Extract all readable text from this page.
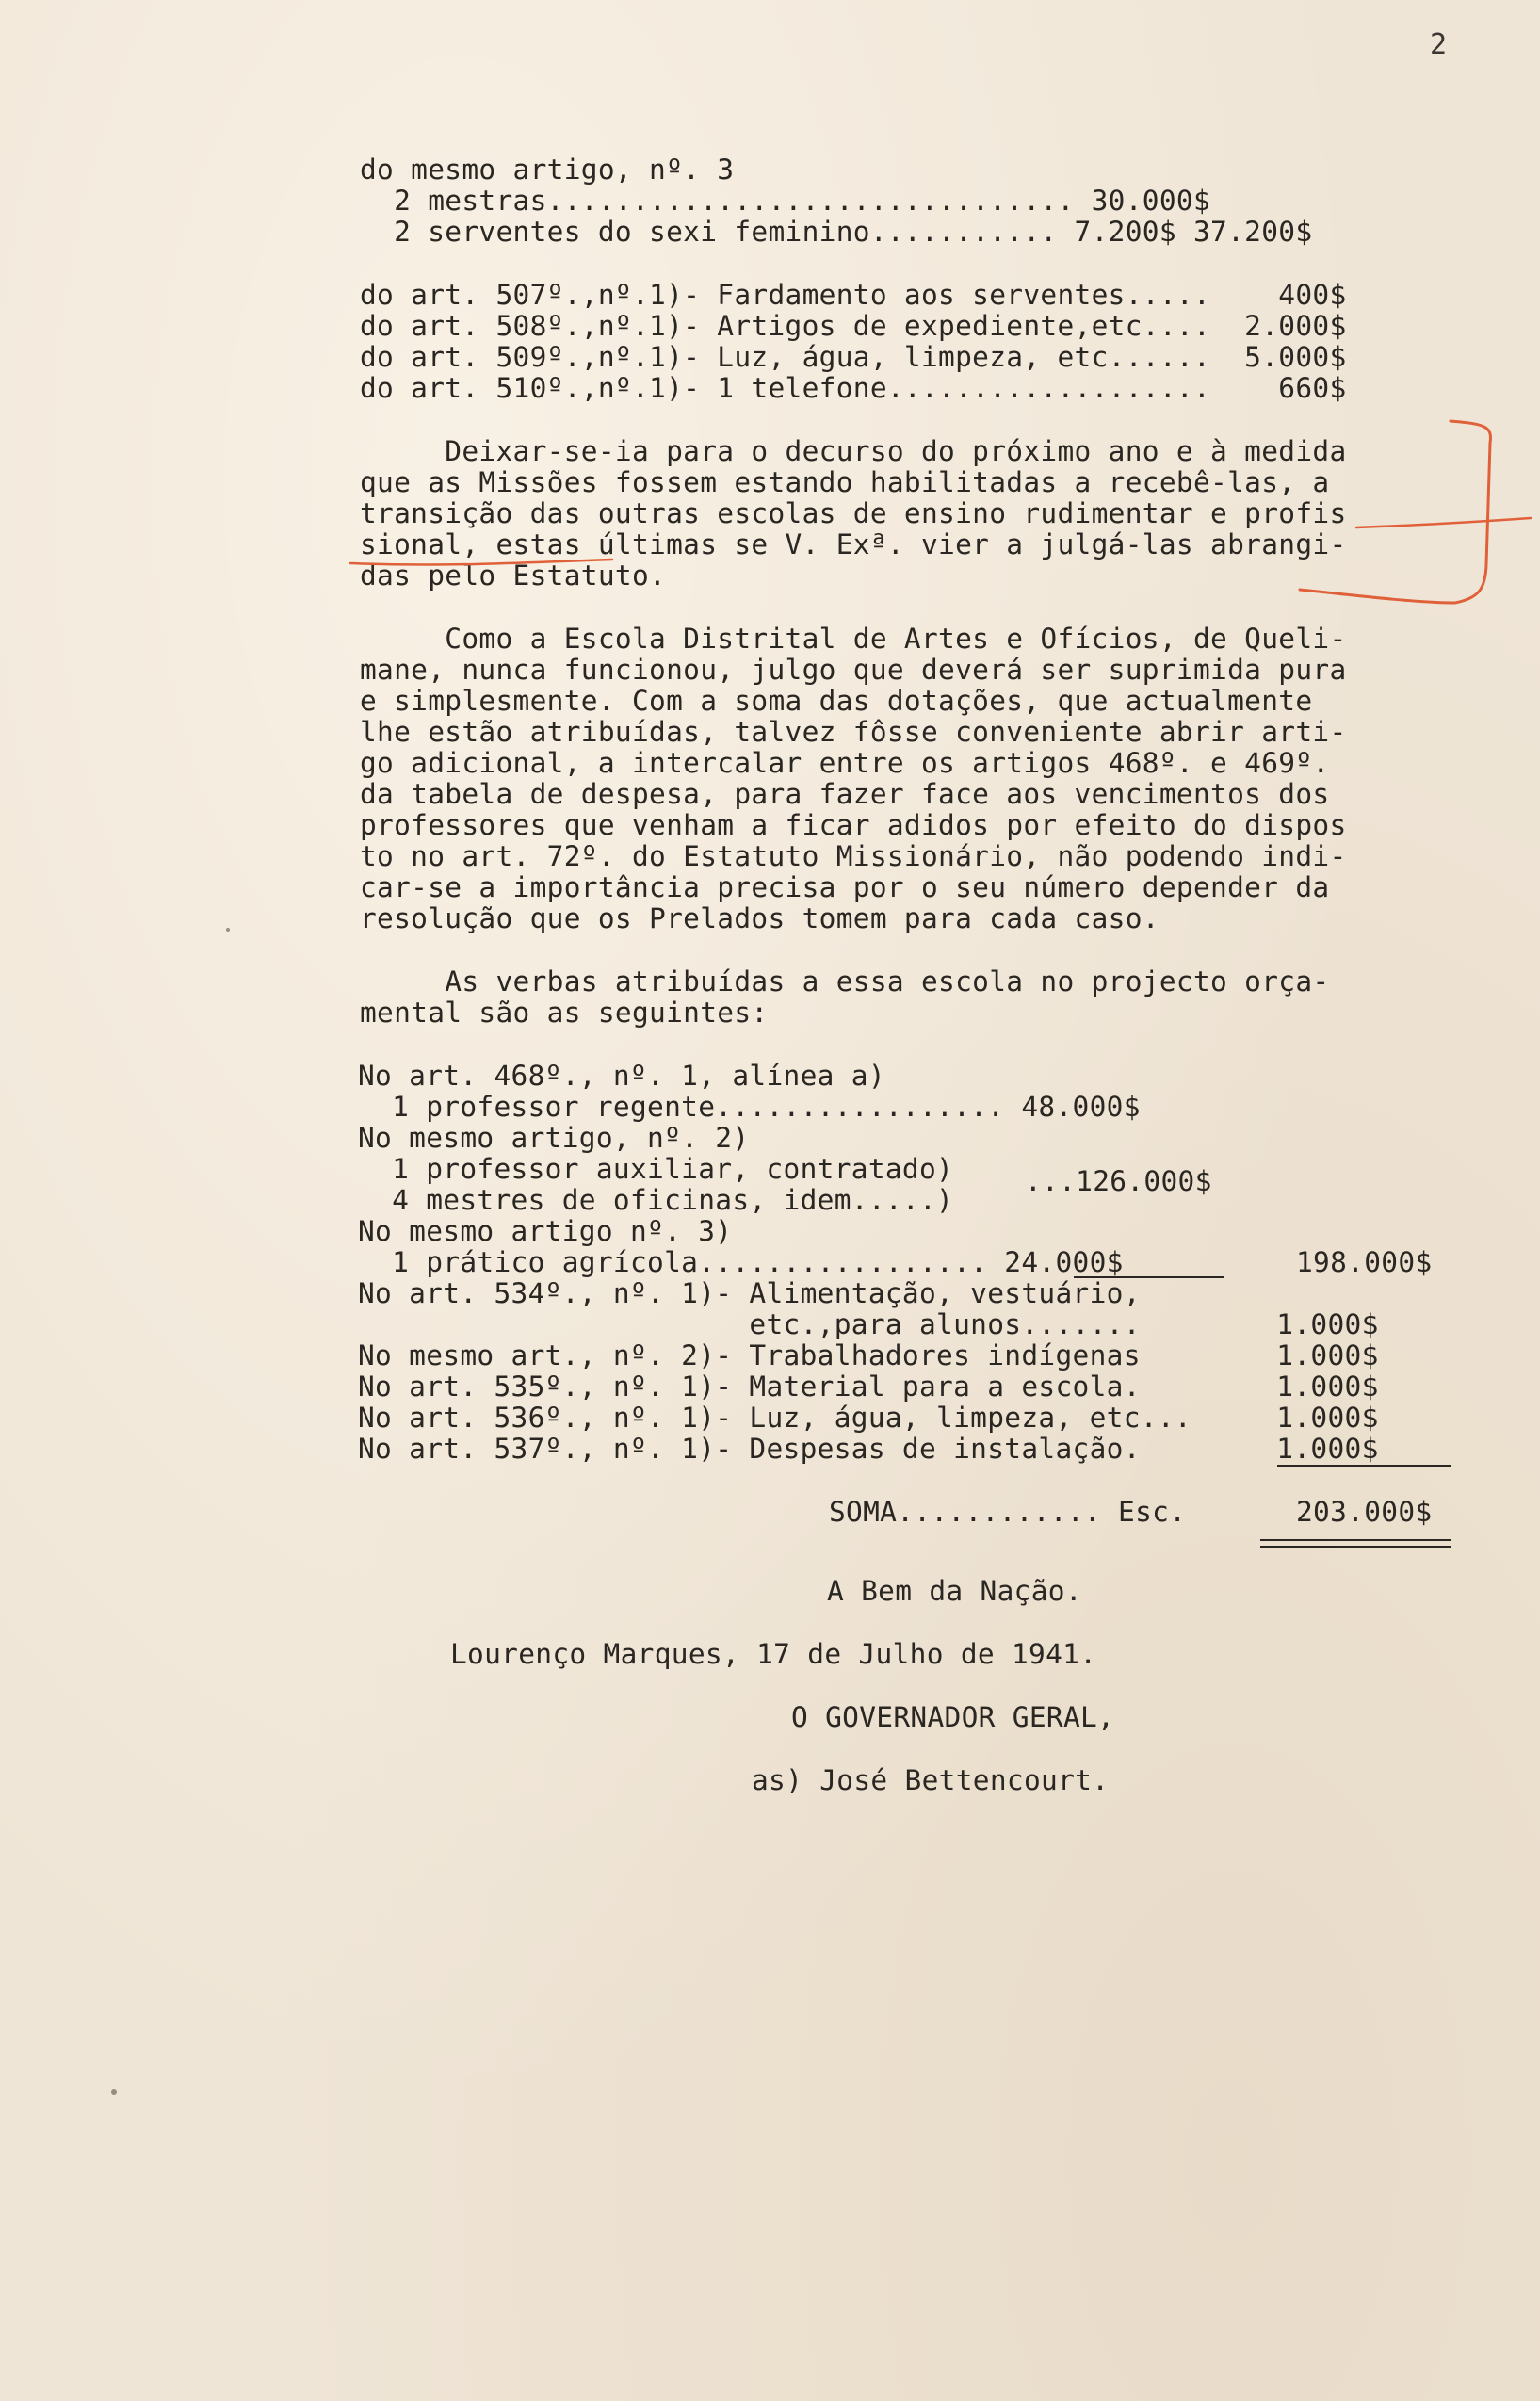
2
do mesmo artigo, nº. 3
2 mestras............................... 30.000$
2 serventes do sexi feminino........... 7.200$ 37.200$
do art. 507º.,nº.1)- Fardamento aos serventes.....    400$
do art. 508º.,nº.1)- Artigos de expediente,etc....  2.000$
do art. 509º.,nº.1)- Luz, água, limpeza, etc......  5.000$
do art. 510º.,nº.1)- 1 telefone...................    660$
Deixar-se-ia para o decurso do próximo ano e à medida
que as Missões fossem estando habilitadas a recebê-las, a
transição das outras escolas de ensino rudimentar e profis
sional, estas últimas se V. Exª. vier a julgá-las abrangi-
das pelo Estatuto.
Como a Escola Distrital de Artes e Ofícios, de Queli-
mane, nunca funcionou, julgo que deverá ser suprimida pura
e simplesmente. Com a soma das dotações, que actualmente
lhe estão atribuídas, talvez fôsse conveniente abrir arti-
go adicional, a intercalar entre os artigos 468º. e 469º.
da tabela de despesa, para fazer face aos vencimentos dos
professores que venham a ficar adidos por efeito do dispos
to no art. 72º. do Estatuto Missionário, não podendo indi-
car-se a importância precisa por o seu número depender da
resolução que os Prelados tomem para cada caso.
As verbas atribuídas a essa escola no projecto orça-
mental são as seguintes:
No art. 468º., nº. 1, alínea a)
1 professor regente................. 48.000$
No mesmo artigo, nº. 2)
1 professor auxiliar, contratado)	...126.000$
4 mestres de oficinas, idem.....)
No mesmo artigo nº. 3)
1 prático agrícola................. 24.000$	198.000$
No art. 534º., nº. 1)- Alimentação, vestuário,
etc.,para alunos.......        1.000$
No mesmo art., nº. 2)- Trabalhadores indígenas        1.000$
No art. 535º., nº. 1)- Material para a escola.        1.000$
No art. 536º., nº. 1)- Luz, água, limpeza, etc...     1.000$
No art. 537º., nº. 1)- Despesas de instalação.        1.000$
SOMA............ Esc.	203.000$
A Bem da Nação.
Lourenço Marques, 17 de Julho de 1941.
O GOVERNADOR GERAL,
as) José Bettencourt.
